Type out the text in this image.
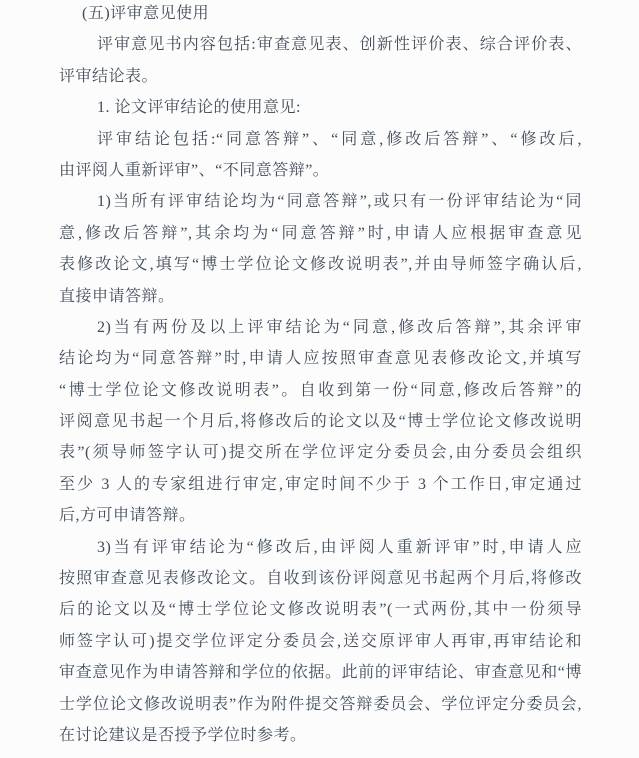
(五)评审意见使用
评审意见书内容包括:审查意见表、创新性评价表、综合评价表、
评审结论表。
1. 论文评审结论的使用意见:
评审结论包括:“同意答辩”、“同意,修改后答辩”、“修改后,
由评阅人重新评审”、“不同意答辩”。
1)当所有评审结论均为“同意答辩”,或只有一份评审结论为“同
意,修改后答辩”,其余均为“同意答辩”时,申请人应根据审查意见
表修改论文,填写“博士学位论文修改说明表”,并由导师签字确认后,
直接申请答辩。
2)当有两份及以上评审结论为“同意,修改后答辩”,其余评审
结论均为“同意答辩”时,申请人应按照审查意见表修改论文,并填写
“博士学位论文修改说明表”。自收到第一份“同意,修改后答辩”的
评阅意见书起一个月后,将修改后的论文以及“博士学位论文修改说明
表”(须导师签字认可)提交所在学位评定分委员会,由分委员会组织
至少 3 人的专家组进行审定,审定时间不少于 3 个工作日,审定通过
后,方可申请答辩。
3)当有评审结论为“修改后,由评阅人重新评审”时,申请人应
按照审查意见表修改论文。自收到该份评阅意见书起两个月后,将修改
后的论文以及“博士学位论文修改说明表”(一式两份,其中一份须导
师签字认可)提交学位评定分委员会,送交原评审人再审,再审结论和
审查意见作为申请答辩和学位的依据。此前的评审结论、审查意见和“博
士学位论文修改说明表”作为附件提交答辩委员会、学位评定分委员会,
在讨论建议是否授予学位时参考。
